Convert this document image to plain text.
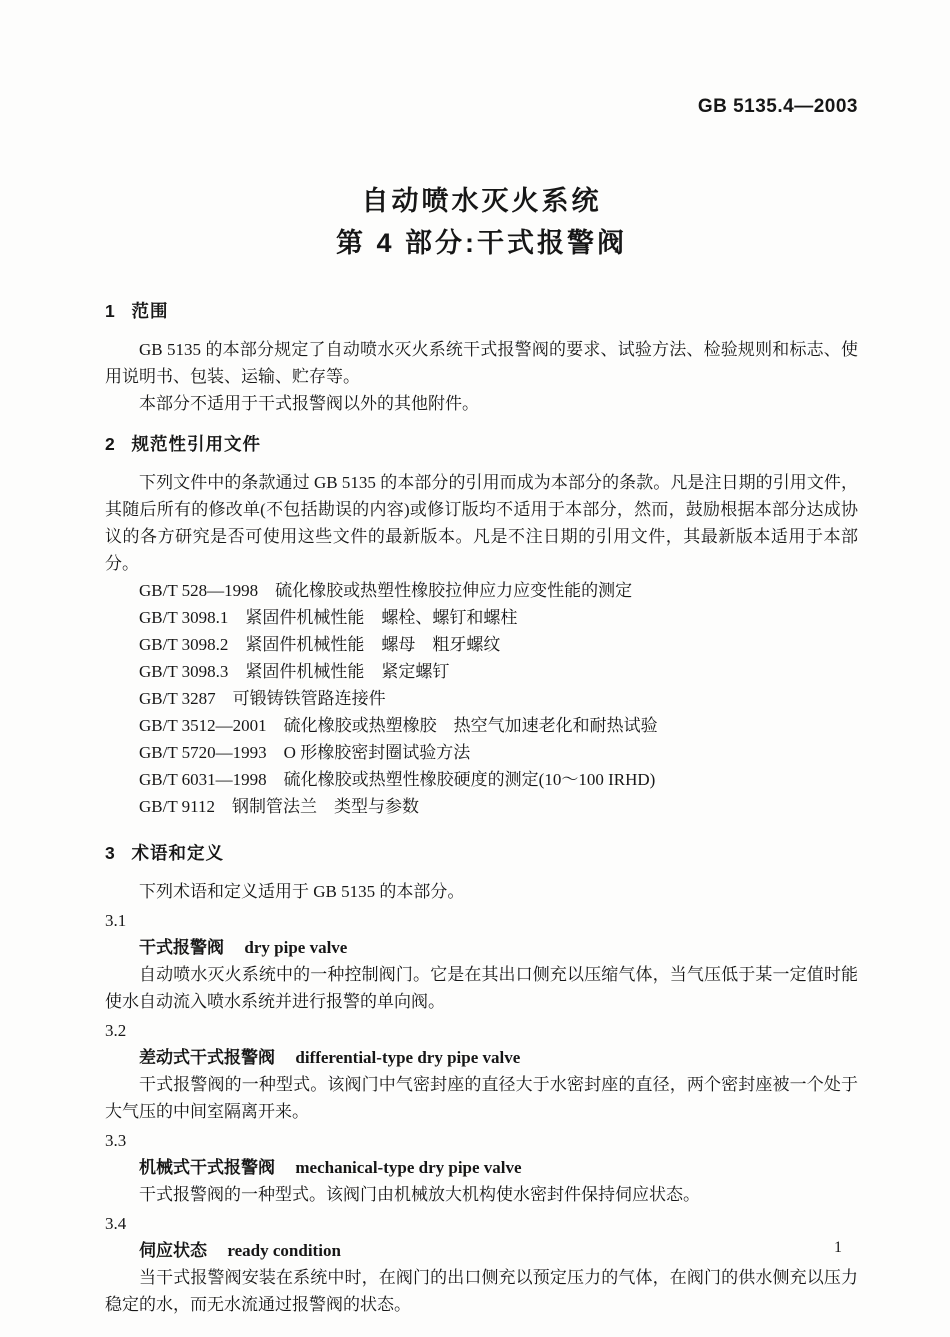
GB 5135.4—2003
自动喷水灭火系统
第 4 部分:干式报警阀
1 范围

GB 5135 的本部分规定了自动喷水灭火系统干式报警阀的要求、试验方法、检验规则和标志、使用说明书、包装、运输、贮存等。

本部分不适用于干式报警阀以外的其他附件。

2 规范性引用文件

下列文件中的条款通过 GB 5135 的本部分的引用而成为本部分的条款。凡是注日期的引用文件，其随后所有的修改单(不包括勘误的内容)或修订版均不适用于本部分，然而，鼓励根据本部分达成协议的各方研究是否可使用这些文件的最新版本。凡是不注日期的引用文件，其最新版本适用于本部分。

GB/T 528—1998 硫化橡胶或热塑性橡胶拉伸应力应变性能的测定

GB/T 3098.1 紧固件机械性能　螺栓、螺钉和螺柱

GB/T 3098.2 紧固件机械性能　螺母　粗牙螺纹

GB/T 3098.3 紧固件机械性能　紧定螺钉

GB/T 3287 可锻铸铁管路连接件

GB/T 3512—2001 硫化橡胶或热塑橡胶　热空气加速老化和耐热试验

GB/T 5720—1993 O 形橡胶密封圈试验方法

GB/T 6031—1998 硫化橡胶或热塑性橡胶硬度的测定(10～100 IRHD)

GB/T 9112 钢制管法兰　类型与参数

3 术语和定义

下列术语和定义适用于 GB 5135 的本部分。

3.1

干式报警阀 dry pipe valve

自动喷水灭火系统中的一种控制阀门。它是在其出口侧充以压缩气体，当气压低于某一定值时能使水自动流入喷水系统并进行报警的单向阀。

3.2

差动式干式报警阀 differential-type dry pipe valve

干式报警阀的一种型式。该阀门中气密封座的直径大于水密封座的直径，两个密封座被一个处于大气压的中间室隔离开来。

3.3

机械式干式报警阀 mechanical-type dry pipe valve

干式报警阀的一种型式。该阀门由机械放大机构使水密封件保持伺应状态。

3.4

伺应状态 ready condition

当干式报警阀安装在系统中时，在阀门的出口侧充以预定压力的气体，在阀门的供水侧充以压力稳定的水，而无水流通过报警阀的状态。

1
